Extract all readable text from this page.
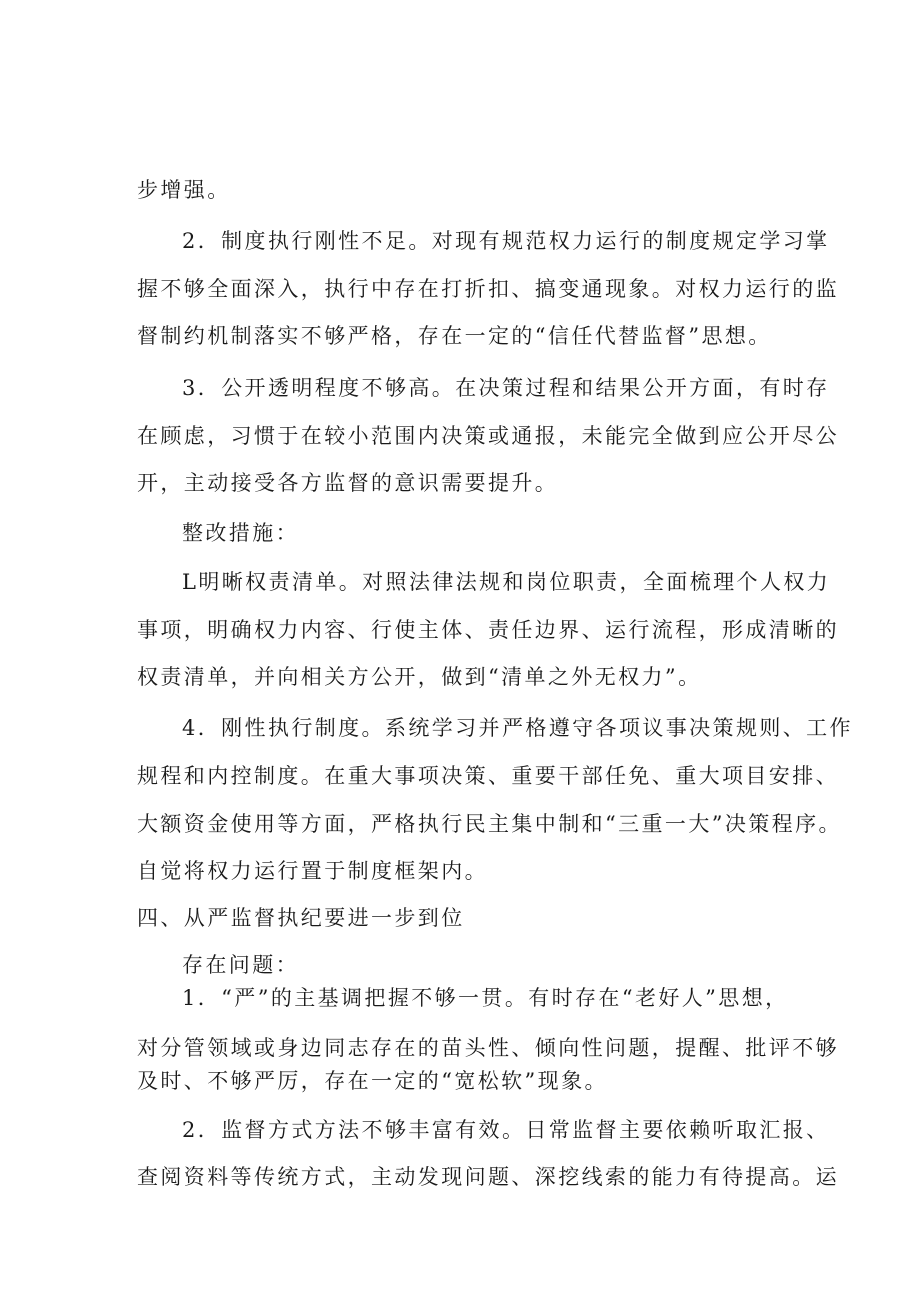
步增强。
2．制度执行刚性不足。对现有规范权力运行的制度规定学习掌
握不够全面深入，执行中存在打折扣、搞变通现象。对权力运行的监
督制约机制落实不够严格，存在一定的“信任代替监督”思想。
3．公开透明程度不够高。在决策过程和结果公开方面，有时存
在顾虑，习惯于在较小范围内决策或通报，未能完全做到应公开尽公
开，主动接受各方监督的意识需要提升。
整改措施：
L明晰权责清单。对照法律法规和岗位职责，全面梳理个人权力
事项，明确权力内容、行使主体、责任边界、运行流程，形成清晰的
权责清单，并向相关方公开，做到“清单之外无权力”。
4．刚性执行制度。系统学习并严格遵守各项议事决策规则、工作
规程和内控制度。在重大事项决策、重要干部任免、重大项目安排、
大额资金使用等方面，严格执行民主集中制和“三重一大”决策程序。
自觉将权力运行置于制度框架内。
四、从严监督执纪要进一步到位
存在问题：
1．“严”的主基调把握不够一贯。有时存在“老好人”思想，
对分管领域或身边同志存在的苗头性、倾向性问题，提醒、批评不够
及时、不够严厉，存在一定的“宽松软”现象。
2．监督方式方法不够丰富有效。日常监督主要依赖听取汇报、
查阅资料等传统方式，主动发现问题、深挖线索的能力有待提高。运
